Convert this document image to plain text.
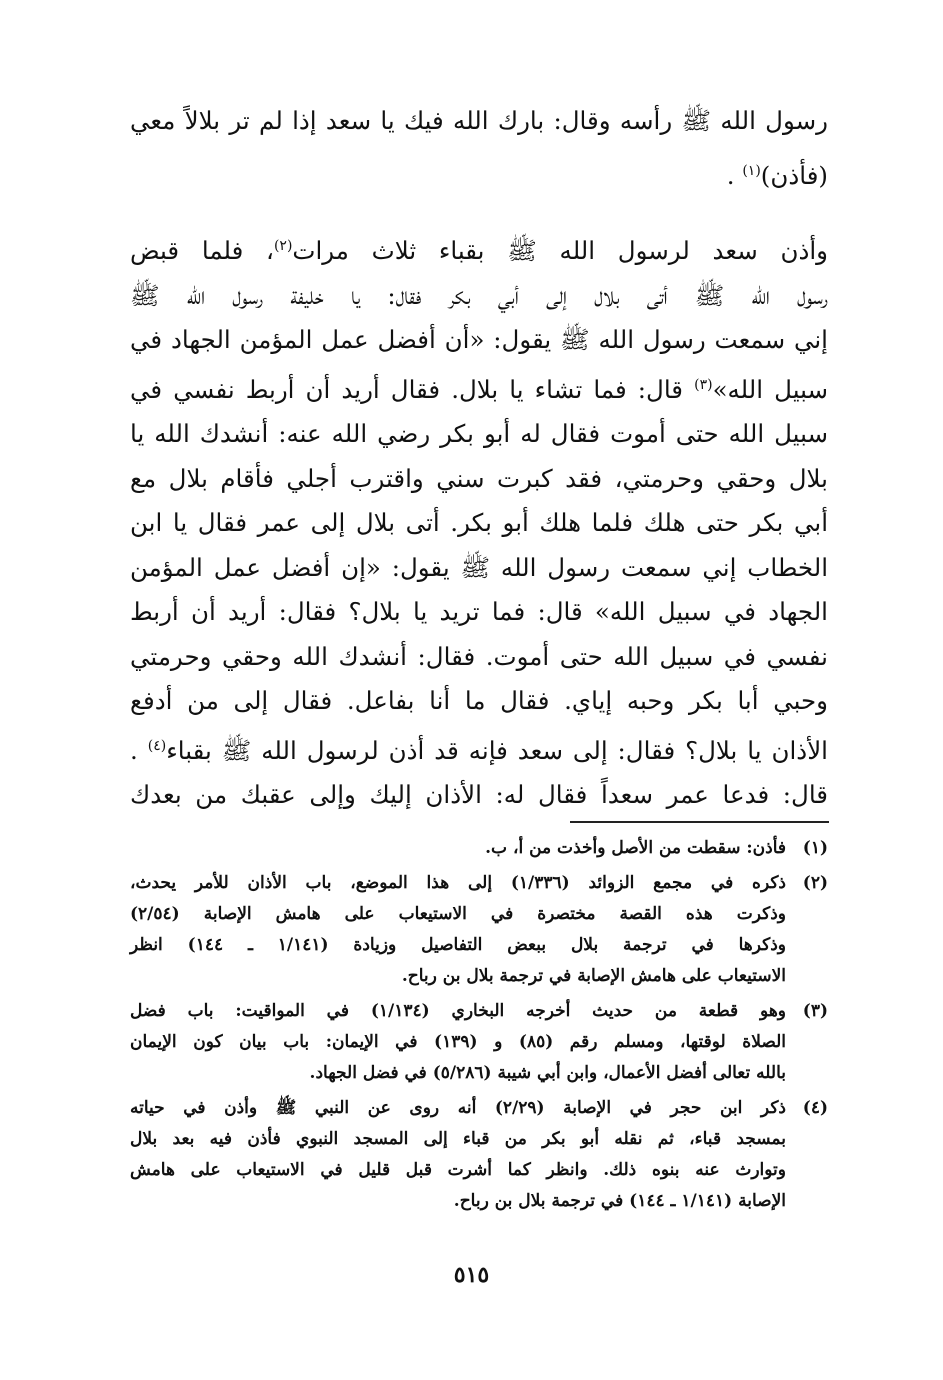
رسول الله ﷺ رأسه وقال: بارك الله فيك يا سعد إذا لم تر بلالاً معي
(فأذن)$^{(١)}$ .
وأذن سعد لرسول الله ﷺ بقباء ثلاث مرات$^{(٢)}$، فلما قبض
رسول الله ﷺ أتى بلال إلى أبي بكر فقال: يا خليفة رسول الله ﷺ
إني سمعت رسول الله ﷺ يقول: «أن أفضل عمل المؤمن الجهاد في
سبيل الله»$^{(٣)}$ قال: فما تشاء يا بلال. فقال أريد أن أربط نفسي في
سبيل الله حتى أموت فقال له أبو بكر رضي الله عنه: أنشدك الله يا
بلال وحقي وحرمتي، فقد كبرت سني واقترب أجلي فأقام بلال مع
أبي بكر حتى هلك فلما هلك أبو بكر. أتى بلال إلى عمر فقال يا ابن
الخطاب إني سمعت رسول الله ﷺ يقول: «إن أفضل عمل المؤمن
الجهاد في سبيل الله» قال: فما تريد يا بلال؟ فقال: أريد أن أربط
نفسي في سبيل الله حتى أموت. فقال: أنشدك الله وحقي وحرمتي
وحبي أبا بكر وحبه إياي. فقال ما أنا بفاعل. فقال إلى من أدفع
الأذان يا بلال؟ فقال: إلى سعد فإنه قد أذن لرسول الله ﷺ بقباء$^{(٤)}$ .
قال: فدعا عمر سعداً فقال له: الأذان إليك وإلى عقبك من بعدك
(١)
فأذن: سقطت من الأصل وأخذت من أ، ب.
(٢)
ذكره في مجمع الزوائد (١/٣٣٦) إلى هذا الموضع، باب الأذان للأمر يحدث،
وذكرت هذه القصة مختصرة في الاستيعاب على هامش الإصابة (٢/٥٤)
وذكرها في ترجمة بلال ببعض التفاصيل وزيادة (١/١٤١ ـ ١٤٤) انظر
الاستيعاب على هامش الإصابة في ترجمة بلال بن رباح.
(٣)
وهو قطعة من حديث أخرجه البخاري (١/١٣٤) في المواقيت: باب فضل
الصلاة لوقتها، ومسلم رقم (٨٥) و (١٣٩) في الإيمان: باب بيان كون الإيمان
بالله تعالى أفضل الأعمال، وابن أبي شيبة (٥/٢٨٦) في فضل الجهاد.
(٤)
ذكر ابن حجر في الإصابة (٢/٢٩) أنه روى عن النبي ﷺ وأذن في حياته
بمسجد قباء، ثم نقله أبو بكر من قباء إلى المسجد النبوي فأذن فيه بعد بلال
وتوارث عنه بنوه ذلك. وانظر كما أشرت قبل قليل في الاستيعاب على هامش
الإصابة (١/١٤١ ـ ١٤٤) في ترجمة بلال بن رباح.
٥١٥
